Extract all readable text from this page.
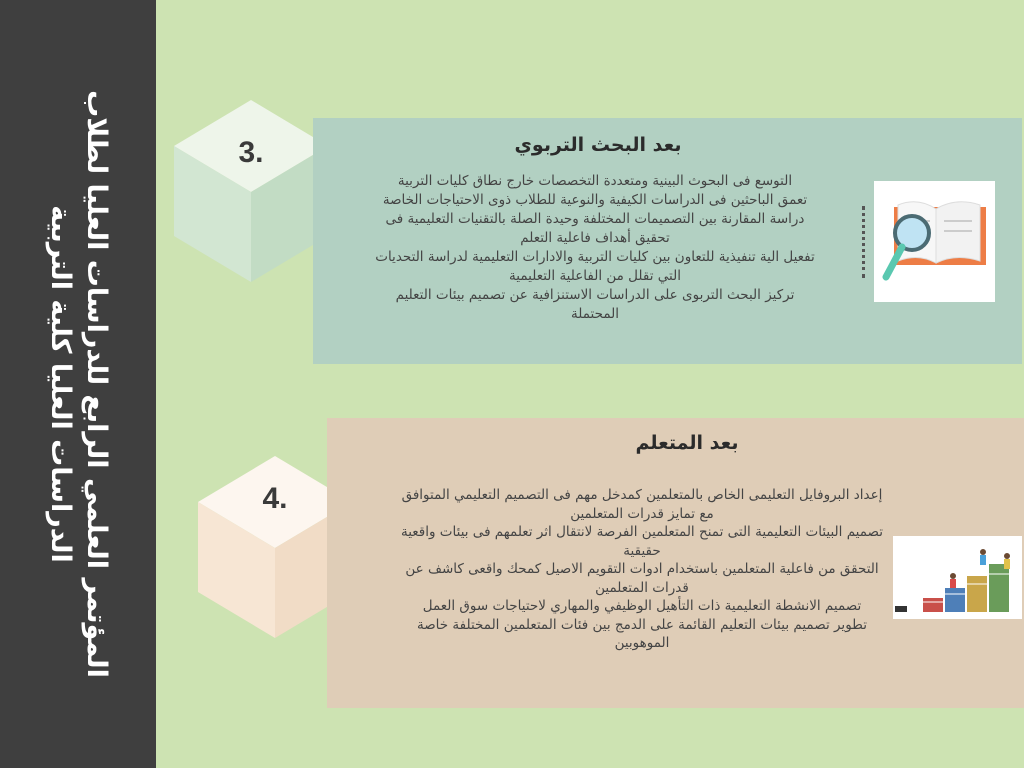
المؤتمر العلمي الرابع للدراسات العليا لطلاب الدراسات العليا كلية التربية
3.	بعد البحث التربوي
التوسع فى البحوث البينية ومتعددة التخصصات خارج نطاق كليات التربية
تعمق الباحثين فى الدراسات الكيفية والنوعية للطلاب ذوى الاحتياجات الخاصة
دراسة المقارنة بين التصميمات المختلفة وحيدة الصلة بالتقنيات التعليمية فى تحقيق أهداف فاعلية التعلم
تفعيل الية تنفيذية للتعاون بين كليات التربية والادارات التعليمية لدراسة التحديات التي تقلل من الفاعلية التعليمية
تركيز البحث التربوى على الدراسات الاستنزافية عن تصميم بيئات التعليم المحتملة
4.
بعد المتعلم
إعداد البروفايل التعليمى الخاص بالمتعلمين كمدخل مهم فى التصميم التعليمي المتوافق مع تمايز قدرات المتعلمين
تصميم البيئات التعليمية التى تمنح المتعلمين الفرصة لانتقال اثر تعلمهم فى بيئات واقعية حقيقية
التحقق من فاعلية المتعلمين باستخدام ادوات التقويم الاصيل كمحك واقعى كاشف عن قدرات المتعلمين
تصميم الانشطة التعليمية ذات التأهيل الوظيفي والمهاري لاحتياجات سوق العمل
تطوير تصميم بيئات التعليم القائمة على الدمج بين فئات المتعلمين المختلفة خاصة الموهوبين
